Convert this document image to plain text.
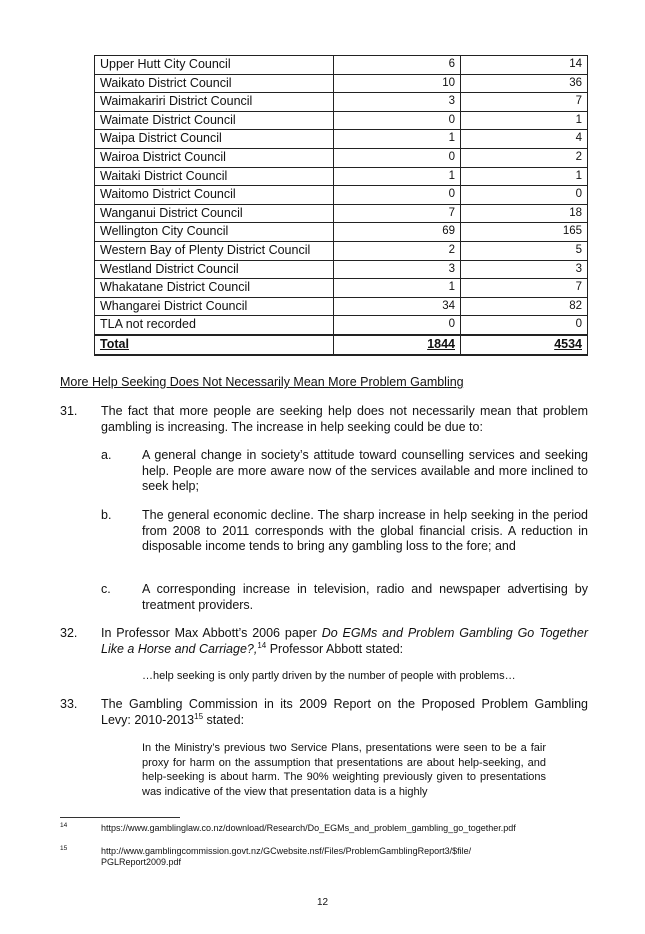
Upper Hutt City Council	6	14
Waikato District Council	10	36
Waimakariri District Council	3	7
Waimate District Council	0	1
Waipa District Council	1	4
Wairoa District Council	0	2
Waitaki District Council	1	1
Waitomo District Council	0	0
Wanganui District Council	7	18
Wellington City Council	69	165
Western Bay of Plenty District Council	2	5
Westland District Council	3	3
Whakatane District Council	1	7
Whangarei District Council	34	82
TLA not recorded	0	0
Total	1844	4534
More Help Seeking Does Not Necessarily Mean More Problem Gambling
31. The fact that more people are seeking help does not necessarily mean that problem gambling is increasing. The increase in help seeking could be due to:
a. A general change in society’s attitude toward counselling services and seeking help. People are more aware now of the services available and more inclined to seek help;
b. The general economic decline. The sharp increase in help seeking in the period from 2008 to 2011 corresponds with the global financial crisis. A reduction in disposable income tends to bring any gambling loss to the fore; and
c.	A corresponding increase in television, radio and newspaper advertising by treatment providers.
32. In Professor Max Abbott’s 2006 paper Do EGMs and Problem Gambling Go Together Like a Horse and Carriage?,$^{14}$ Professor Abbott stated:
…help seeking is only partly driven by the number of people with problems…
33. The Gambling Commission in its 2009 Report on the Proposed Problem Gambling Levy: 2010-2013$^{15}$ stated:
In the Ministry’s previous two Service Plans, presentations were seen to be a fair proxy for harm on the assumption that presentations are about help-seeking, and help-seeking is about harm. The 90% weighting previously given to presentations was indicative of the view that presentation data is a highly
14	https://www.gamblinglaw.co.nz/download/Research/Do_EGMs_and_problem_gambling_go_together.pdf
15	http://www.gamblingcommission.govt.nz/GCwebsite.nsf/Files/ProblemGamblingReport3/$file/ PGLReport2009.pdf
12
